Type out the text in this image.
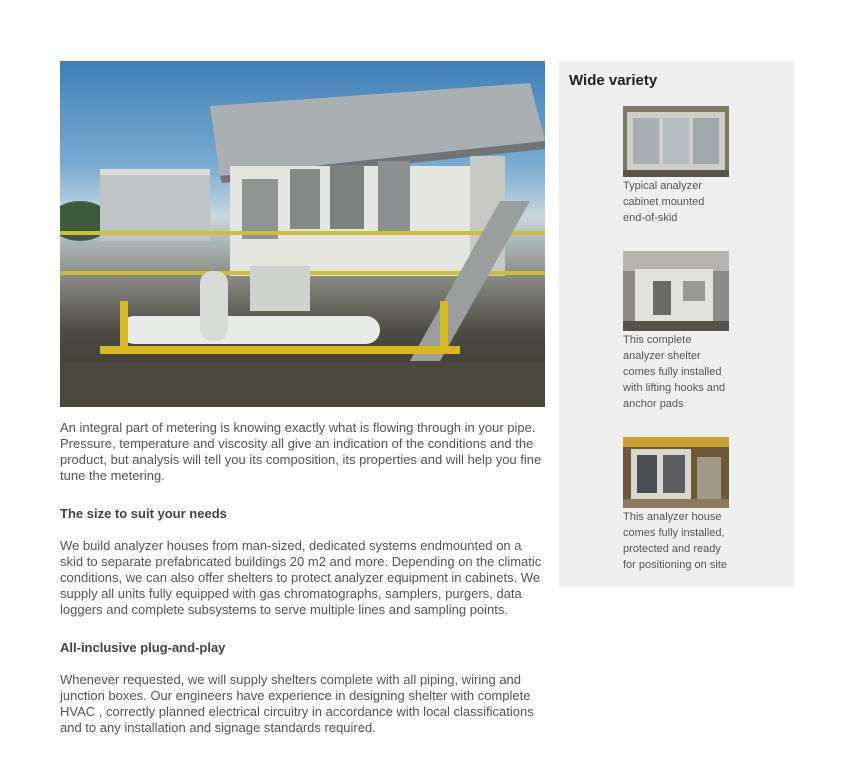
An integral part of metering is knowing exactly what is flowing through in your pipe. Pressure, temperature and viscosity all give an indication of the conditions and the product, but analysis will tell you its composition, its properties and will help you fine tune the metering.

The size to suit your needs

We build analyzer houses from man-sized, dedicated systems endmounted on a skid to separate prefabricated buildings 20 m2 and more. Depending on the climatic conditions, we can also offer shelters to protect analyzer equipment in cabinets. We supply all units fully equipped with gas chromatographs, samplers, purgers, data loggers and complete subsystems to serve multiple lines and sampling points.

All-inclusive plug-and-play

Whenever requested, we will supply shelters complete with all piping, wiring and junction boxes. Our engineers have experience in designing shelter with complete HVAC , correctly planned electrical circuitry in accordance with local classifications and to any installation and signage standards required.

Wide variety
Typical analyzer cabinet mounted end-of-skid
This complete analyzer shelter comes fully installed with lifting hooks and anchor pads
This analyzer house comes fully installed, protected and ready for positioning on site
